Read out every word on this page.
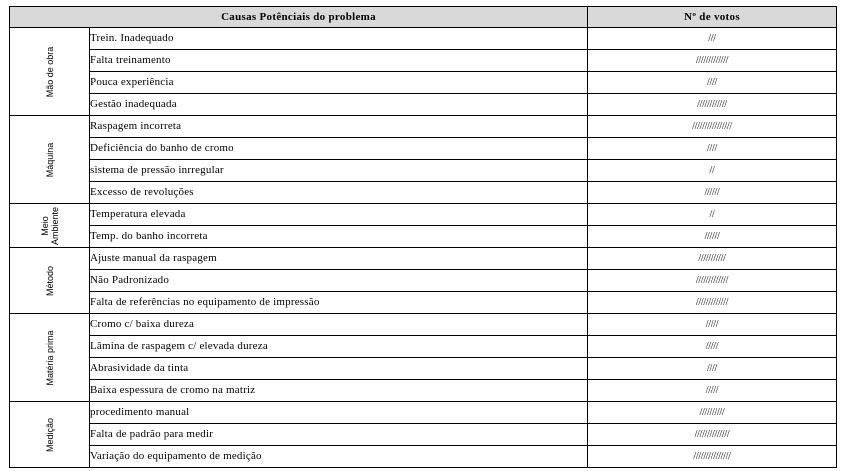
Causas Potênciais do problema		Nº de votos

Mão de obra	Trein. Inadequado	///
	Falta treinamento	/////////////
	Pouca experiência	////
	Gestão inadequada	////////////

Máquina	Raspagem incorreta	////////////////
	Deficiência do banho de cromo	////
	sistema de pressão inrregular	//
	Excesso de revoluções	//////

Meio Ambiente	Temperatura elevada	//
	Temp. do banho incorreta	//////

Método	Ajuste manual da raspagem	///////////
	Não Padronizado	/////////////
	Falta de referências no equipamento de impressão	/////////////

Matéria prima	Cromo c/ baixa dureza	/////
	Lâmina de raspagem c/ elevada dureza	/////
	Abrasividade da tinta	////
	Baixa espessura de cromo na matriz	/////

Medição	procedimento manual	//////////
	Falta de padrão para medir	//////////////
	Variação do equipamento de medição	///////////////
